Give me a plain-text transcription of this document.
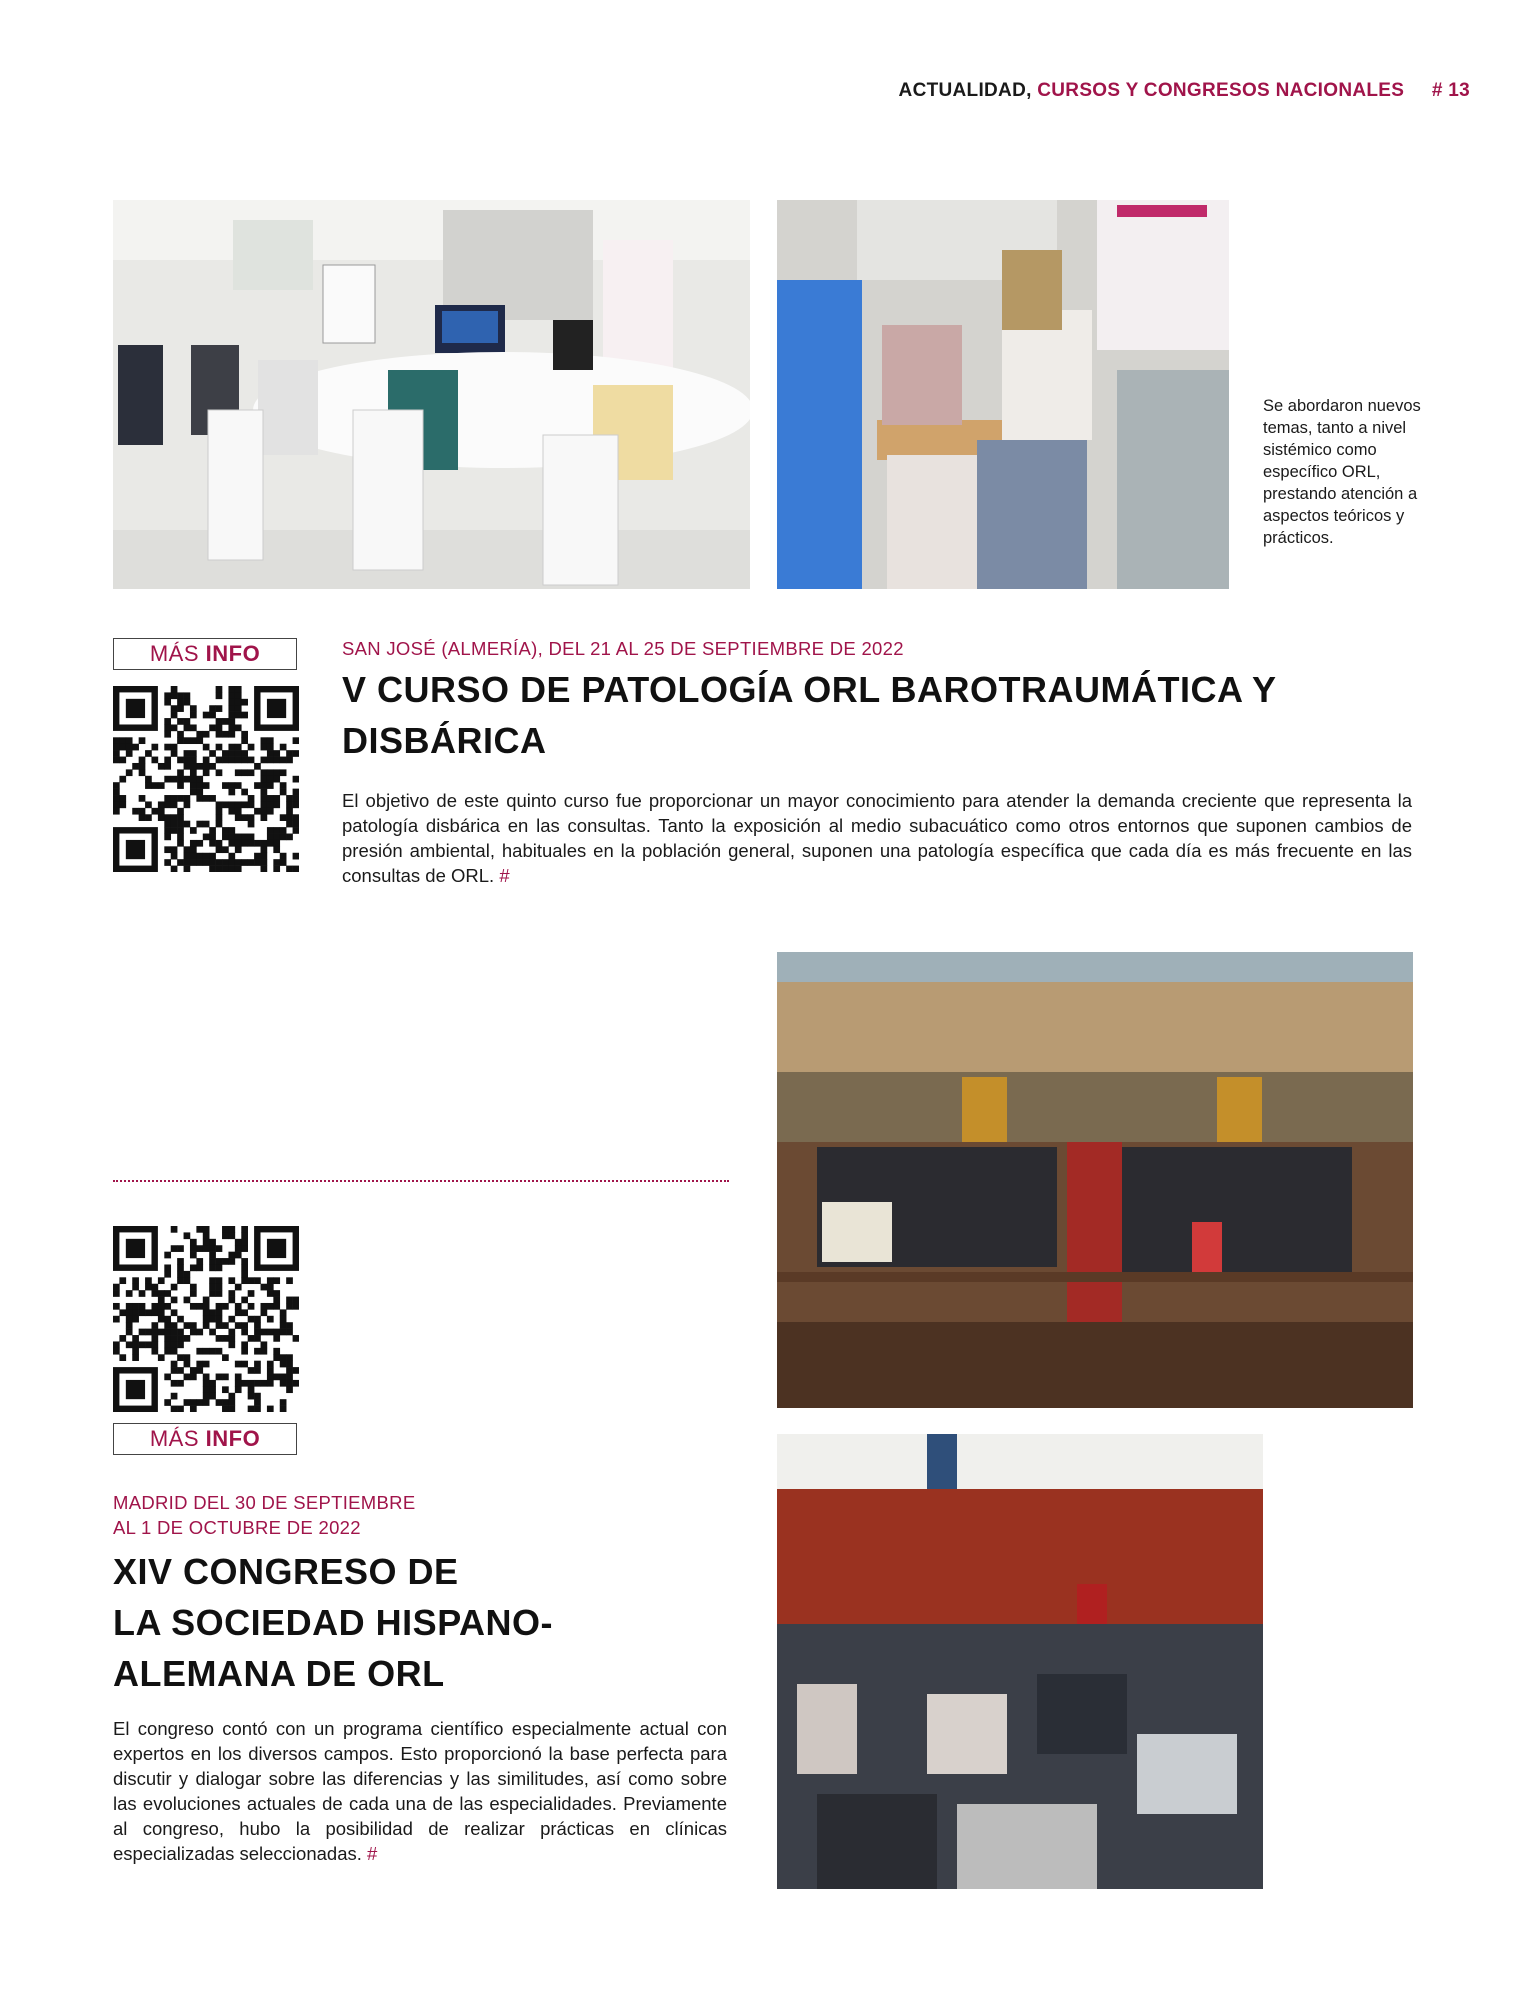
ACTUALIDAD, CURSOS Y CONGRESOS NACIONALES # 13
Se abordaron nuevos temas, tanto a nivel sistémico como específico ORL, prestando atención a aspectos teóricos y prácticos.
MÁS INFO	SAN JOSÉ (ALMERÍA), DEL 21 AL 25 DE SEPTIEMBRE DE 2022
V CURSO DE PATOLOGÍA ORL BAROTRAUMÁTICA Y
DISBÁRICA
El objetivo de este quinto curso fue proporcionar un mayor conocimiento para atender la demanda creciente que representa la patología disbárica en las consultas. Tanto la exposición al medio subacuático como otros entornos que suponen cambios de presión ambiental, habituales en la población general, suponen una patología específica que cada día es más frecuente en las consultas de ORL. #
MÁS INFO
MADRID DEL 30 DE SEPTIEMBRE
AL 1 DE OCTUBRE DE 2022
XIV CONGRESO DE
LA SOCIEDAD HISPANO-
ALEMANA DE ORL
El congreso contó con un programa científico especialmente actual con expertos en los diversos campos. Esto proporcionó la base perfecta para discutir y dialogar sobre las diferencias y las similitudes, así como sobre las evoluciones actuales de cada una de las especialidades. Previamente al congreso, hubo la posibilidad de realizar prácticas en clínicas especializadas seleccionadas. #
